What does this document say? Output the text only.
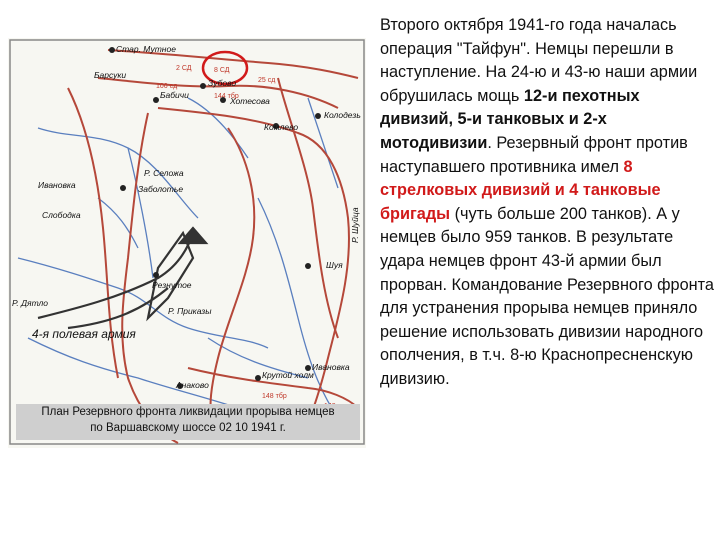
Стар. Мутное
Барсуки
Зубово
Бабичи
Хотесова
Колодезь
Комлево
Р. Селожа
Заболотье
Ивановка
Слободка	Р. Шуйца
Шуя
Резнутое
Р. Дятло
Р. Приказы
Анаково
Крутой холм
Ивановка
2 СД	8 СД
25 сд
106 сд
144 тбр
148 тбр
4-я полевая армия
План Резервного фронта ликвидации прорыва немцев
по Варшавскому шоссе 02 10 1941 г.
Второго октября 1941-го года началась операция "Тайфун". Немцы перешли в наступление. На 24-ю и 43-ю наши армии обрушилась мощь 12-и пехотных дивизий, 5-и танковых и 2-х мотодивизии. Резервный фронт против наступавшего противника имел 8 стрелковых дивизий и 4 танковые бригады (чуть больше 200 танков). А у немцев было 959 танков. В результате удара немцев фронт 43-й армии был прорван. Командование Резервного фронта для устранения прорыва немцев приняло решение использовать дивизии народного ополчения, в т.ч. 8-ю Краснопресненскую дивизию.
